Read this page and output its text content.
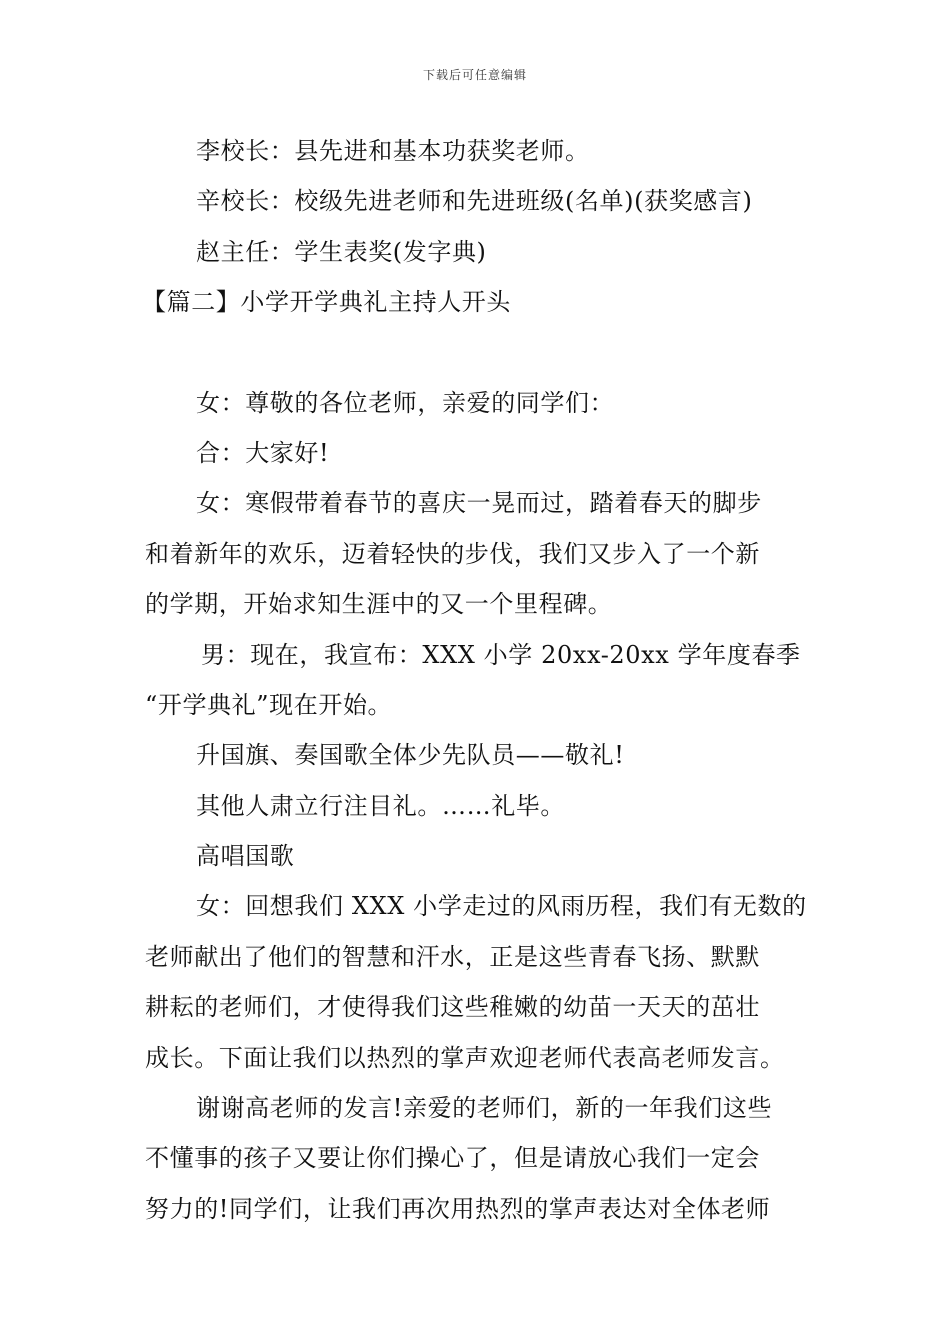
下载后可任意编辑
李校长：县先进和基本功获奖老师。
辛校长：校级先进老师和先进班级(名单)(获奖感言)
赵主任：学生表奖(发字典)
【篇二】小学开学典礼主持人开头
女：尊敬的各位老师，亲爱的同学们：
合：大家好!
女：寒假带着春节的喜庆一晃而过，踏着春天的脚步
和着新年的欢乐，迈着轻快的步伐，我们又步入了一个新
的学期，开始求知生涯中的又一个里程碑。
男：现在，我宣布：XXX 小学 20xx-20xx 学年度春季
“开学典礼”现在开始。
升国旗、奏国歌全体少先队员——敬礼!
其他人肃立行注目礼。……礼毕。
高唱国歌
女：回想我们 XXX 小学走过的风雨历程，我们有无数的
老师献出了他们的智慧和汗水，正是这些青春飞扬、默默
耕耘的老师们，才使得我们这些稚嫩的幼苗一天天的茁壮
成长。下面让我们以热烈的掌声欢迎老师代表高老师发言。
谢谢高老师的发言!亲爱的老师们，新的一年我们这些
不懂事的孩子又要让你们操心了，但是请放心我们一定会
努力的!同学们，让我们再次用热烈的掌声表达对全体老师
